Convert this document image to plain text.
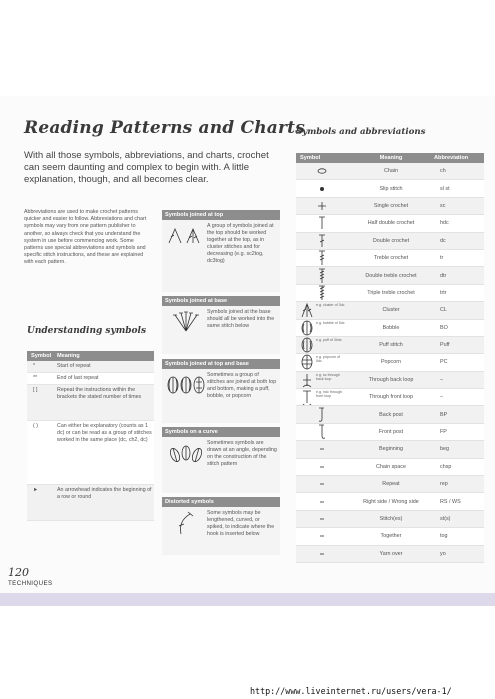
Reading Patterns and Charts
With all those symbols, abbreviations, and charts, crochet can seem daunting and complex to begin with. A little explanation, though, and all becomes clear.
Abbreviations are used to make crochet patterns quicker and easier to follow. Abbreviations and chart symbols may vary from one pattern publisher to another, so always check that you understand the system in use before commencing work. Some patterns use special abbreviations and symbols and specific stitch instructions, and these are explained with each pattern.
Understanding symbols
Symbol	Meaning
*	Start of repeat
**	End of last repeat
[ ]	Repeat the instructions within the brackets the stated number of times
( )	Can either be explanatory (counts as 1 dc) or can be read as a group of stitches worked in the same place (dc, ch2, dc)
►	An arrowhead indicates the beginning of a row or round
Symbols joined at top
A group of symbols joined at the top should be worked together at the top, as in cluster stitches and for decreasing (e.g. sc2tog, dc3tog)
Symbols joined at base
Symbols joined at the base should all be worked into the same stitch below
Symbols joined at top and base
Sometimes a group of stitches are joined at both top and bottom, making a puff, bobble, or popcorn
Symbols on a curve
Sometimes symbols are drawn at an angle, depending on the construction of the stitch pattern
Distorted symbols
Some symbols may be lengthened, curved, or spiked, to indicate where the hook is inserted below
Symbols and abbreviations
Symbol	Meaning	Abbreviation
Chain	ch
Slip stitch	sl st
Single crochet	sc
Half double crochet	hdc
Double crochet	dc
Treble crochet	tr
Double treble crochet	dtr
Triple treble crochet	trtr
e.g. cluster of 3dc
Cluster	CL
e.g. bobble of 5dc
Bobble	BO
e.g. puff of 3hdc
Puff stitch	Puff
e.g. popcorn of 5dc	Popcorn	PC
e.g. sc through back loop	Through back loop	–
e.g. hdc through front loop	Through front loop	–
Back post	BP
Front post	FP
Beginning	beg
Chain space	chsp
Repeat	rep
Right side / Wrong side	RS / WS
Stitch(es)	st(s)
Together	tog
Yarn over	yo
120
TECHNIQUES
http://www.liveinternet.ru/users/vera-1/
